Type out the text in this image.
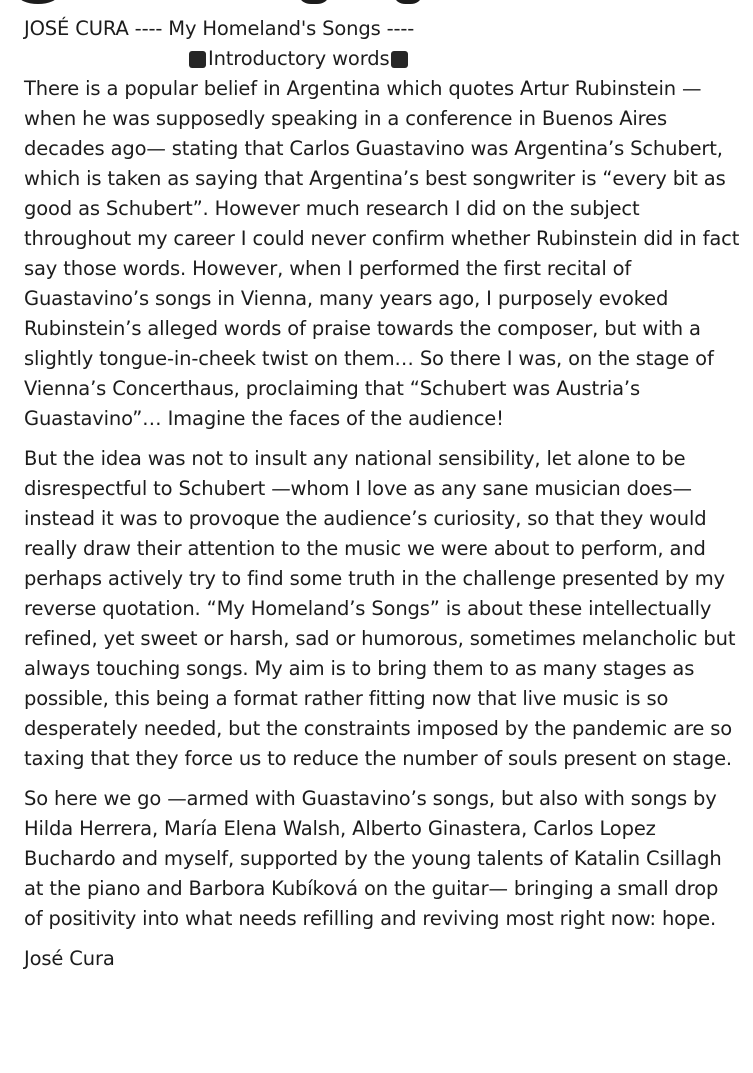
JOSÉ CURA ---- My Homeland's Songs ----

Introductory words

There is a popular belief in Argentina which quotes Artur Rubinstein — when he was supposedly speaking in a conference in Buenos Aires decades ago— stating that Carlos Guastavino was Argentina’s Schubert, which is taken as saying that Argentina’s best songwriter is “every bit as good as Schubert”. However much research I did on the subject throughout my career I could never confirm whether Rubinstein did in fact say those words. However, when I performed the first recital of Guastavino’s songs in Vienna, many years ago, I purposely evoked Rubinstein’s alleged words of praise towards the composer, but with a slightly tongue-in-cheek twist on them… So there I was, on the stage of Vienna’s Concerthaus, proclaiming that “Schubert was Austria’s Guastavino”… Imagine the faces of the audience!

But the idea was not to insult any national sensibility, let alone to be disrespectful to Schubert —whom I love as any sane musician does— instead it was to provoque the audience’s curiosity, so that they would really draw their attention to the music we were about to perform, and perhaps actively try to find some truth in the challenge presented by my reverse quotation. “My Homeland’s Songs” is about these intellectually refined, yet sweet or harsh, sad or humorous, sometimes melancholic but always touching songs. My aim is to bring them to as many stages as possible, this being a format rather fitting now that live music is so desperately needed, but the constraints imposed by the pandemic are so taxing that they force us to reduce the number of souls present on stage.

So here we go —armed with Guastavino’s songs, but also with songs by Hilda Herrera, María Elena Walsh, Alberto Ginastera, Carlos Lopez Buchardo and myself, supported by the young talents of Katalin Csillagh at the piano and Barbora Kubíková on the guitar— bringing a small drop of positivity into what needs refilling and reviving most right now: hope.

José Cura
